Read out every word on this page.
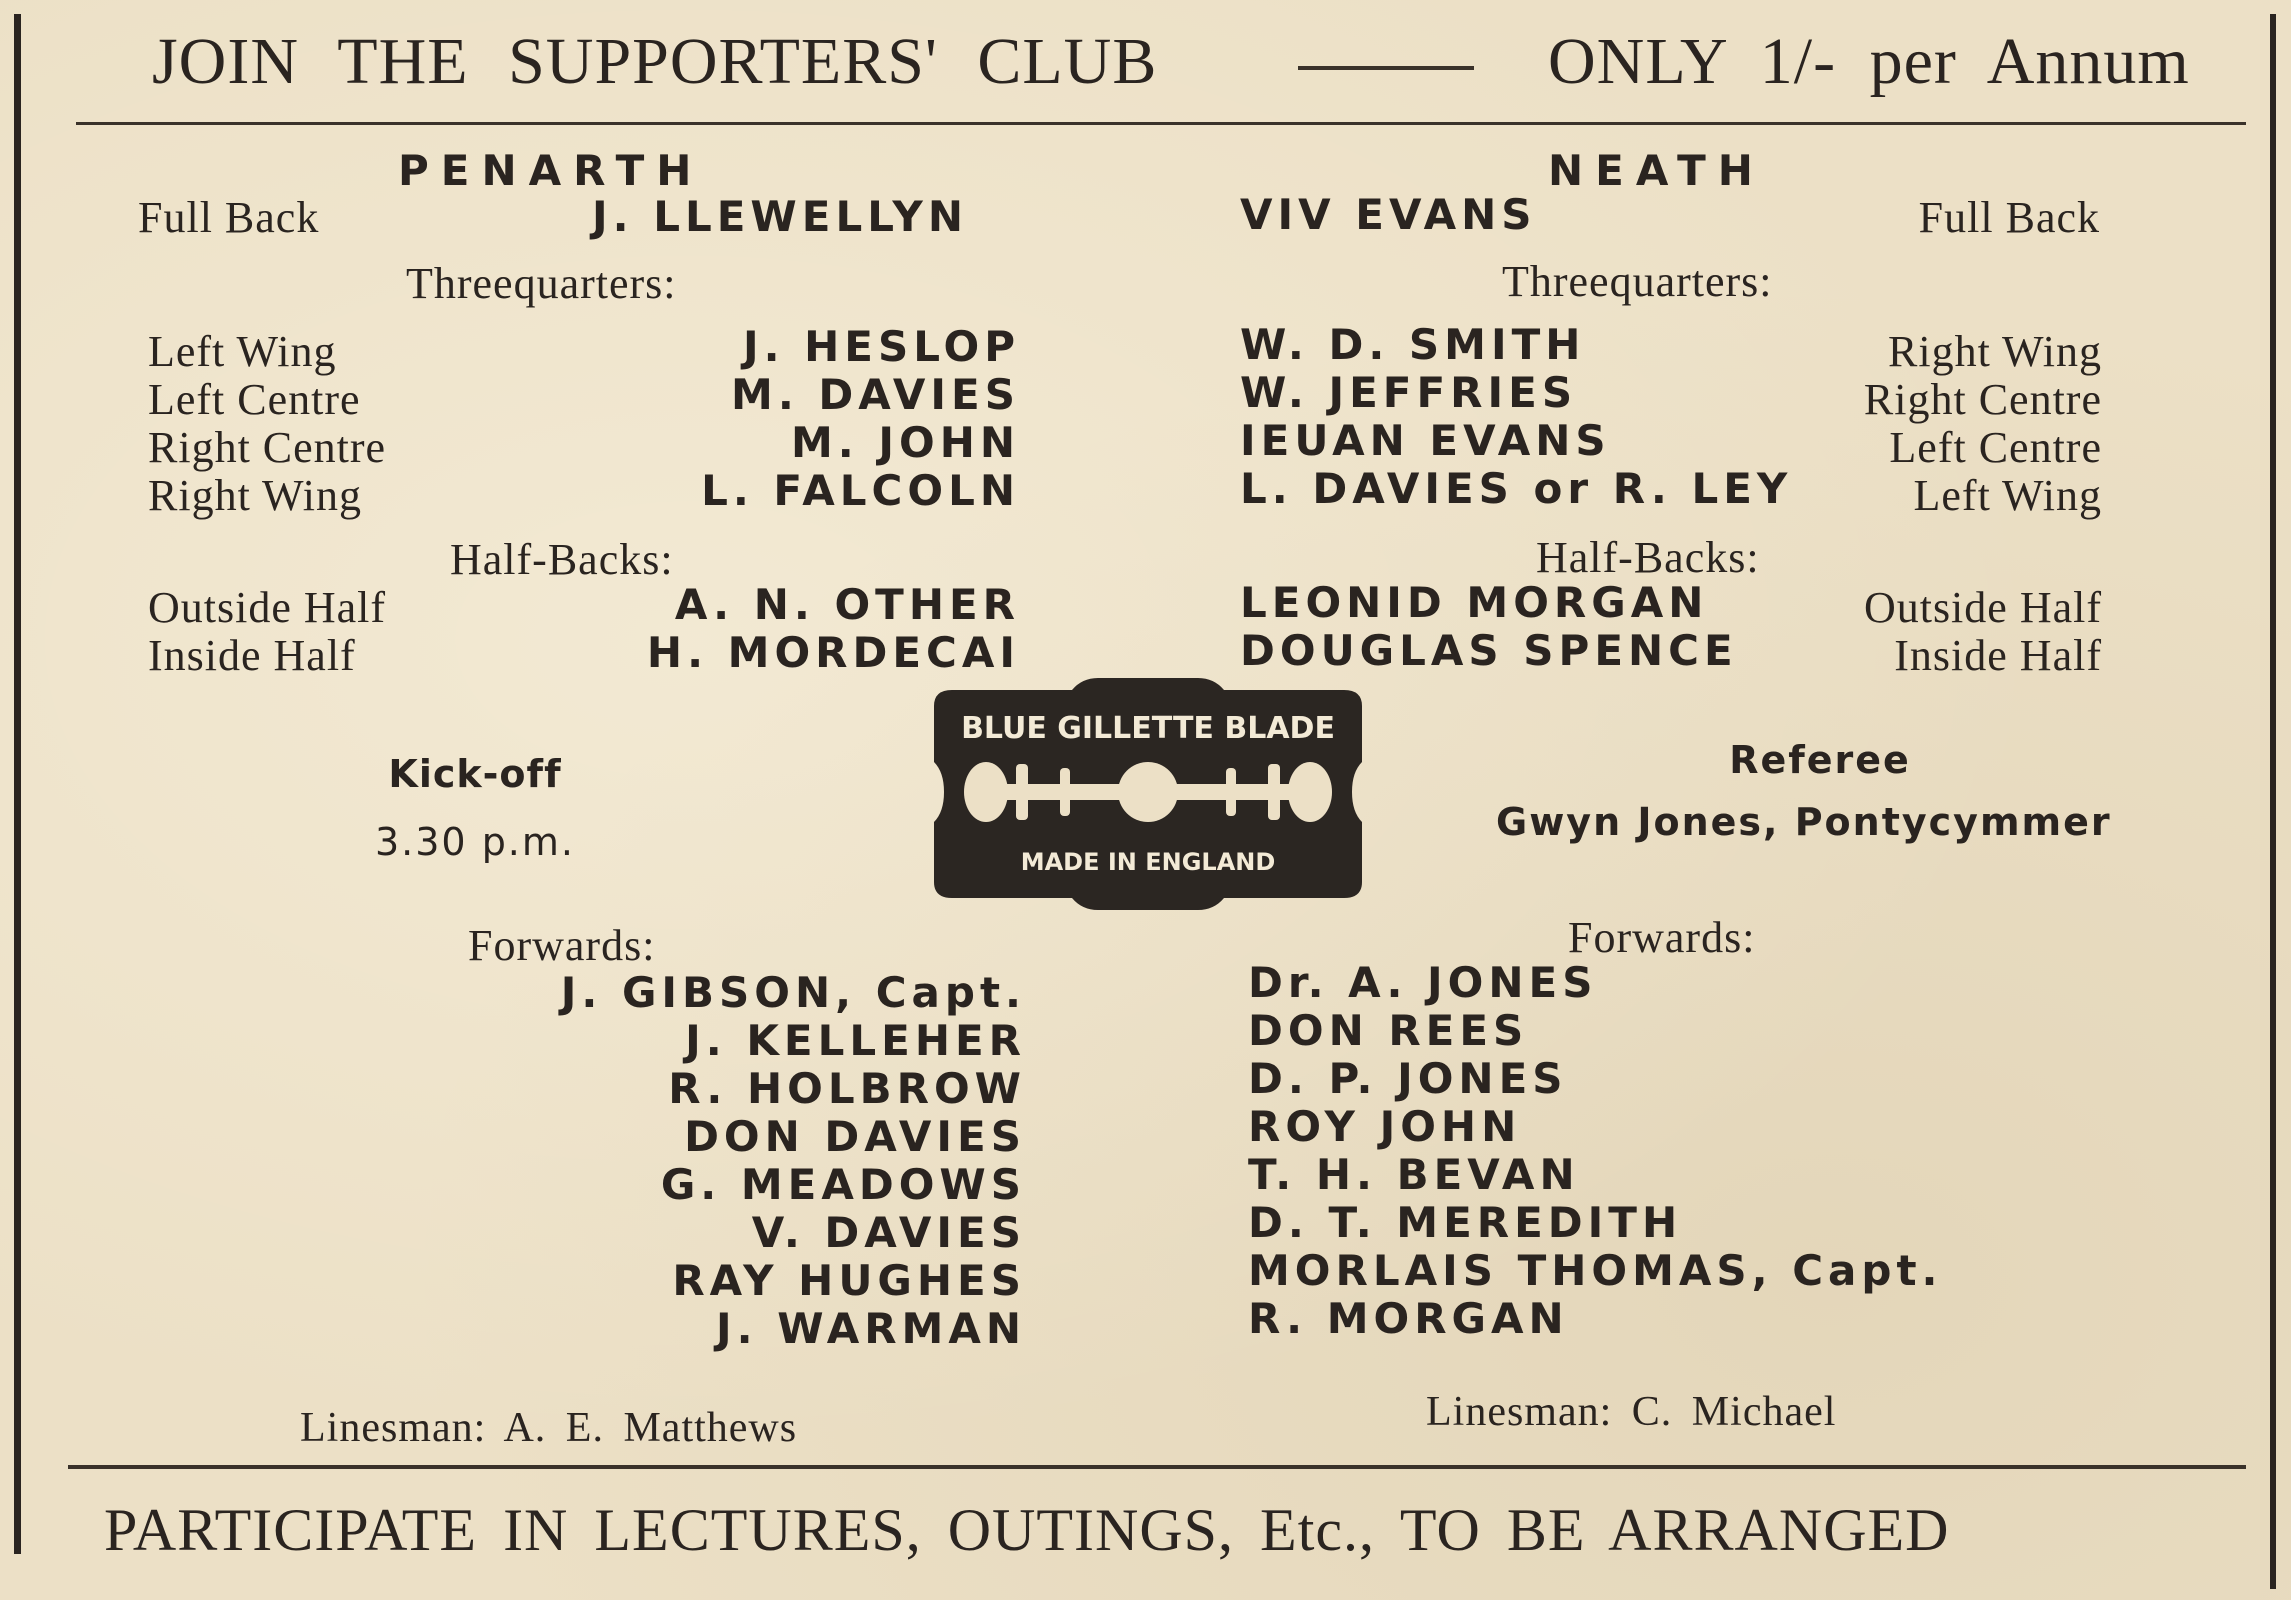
JOIN THE SUPPORTERS' CLUB	ONLY 1/- per Annum
PENARTH	NEATH
Full Back	J. LLEWELLYN	VIV EVANS	Full Back
Threequarters:	Threequarters:
Left Wing	J. HESLOP
Left Centre	M. DAVIES
Right Centre	M. JOHN
Right Wing	L. FALCOLN
W. D. SMITH	Right Wing
W. JEFFRIES	Right Centre
IEUAN EVANS	Left Centre
L. DAVIES or R. LEY	Left Wing
Half-Backs:	Half-Backs:
Outside Half	A. N. OTHER
Inside Half	H. MORDECAI
LEONID MORGAN	Outside Half
DOUGLAS SPENCE	Inside Half
Kick-off
3.30 p.m.
BLUE GILLETTE BLADE
MADE IN ENGLAND
Referee
Gwyn Jones, Pontycymmer
Forwards:	Forwards:
J. GIBSON, Capt.
J. KELLEHER
R. HOLBROW
DON DAVIES
G. MEADOWS
V. DAVIES
RAY HUGHES
J. WARMAN
Dr. A. JONES
DON REES
D. P. JONES
ROY JOHN
T. H. BEVAN
D. T. MEREDITH
MORLAIS THOMAS, Capt.
R. MORGAN
Linesman: A. E. Matthews	Linesman: C. Michael
PARTICIPATE IN LECTURES, OUTINGS, Etc., TO BE ARRANGED
